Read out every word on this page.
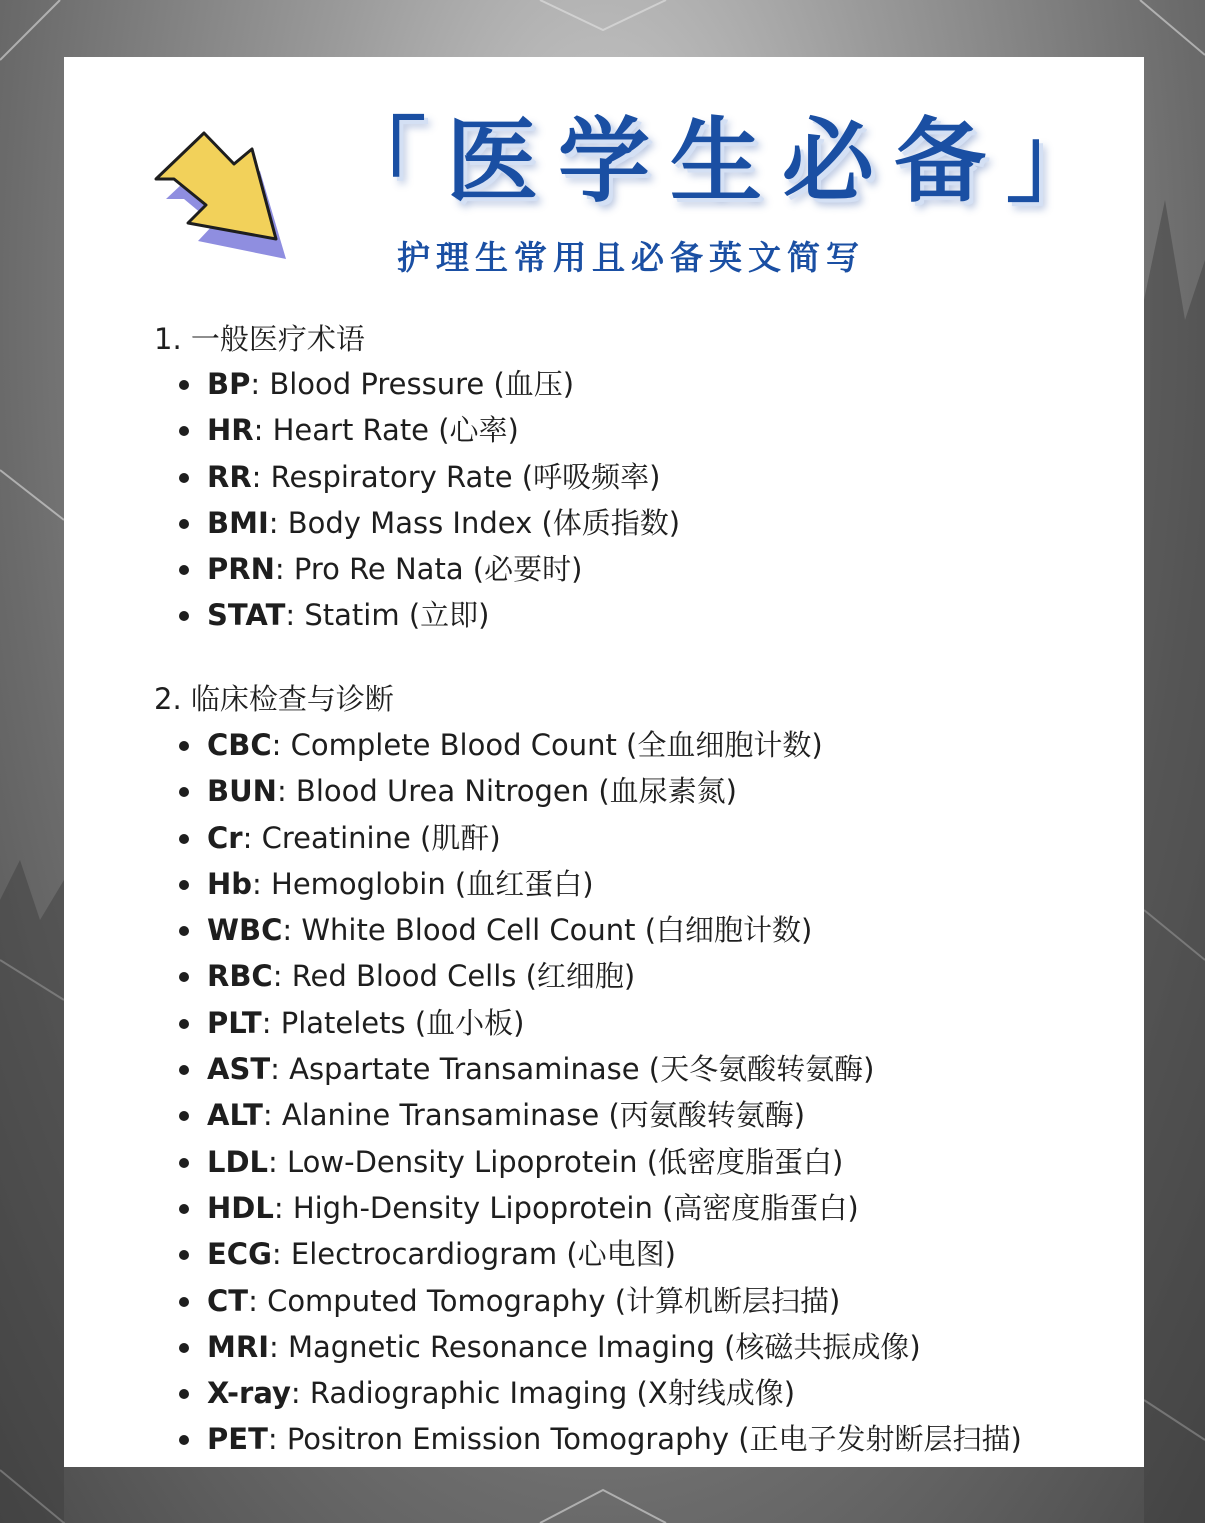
「医学生必备」
护理生常用且必备英文简写
1. 一般医疗术语
BP: Blood Pressure (血压)
HR: Heart Rate (心率)
RR: Respiratory Rate (呼吸频率)
BMI: Body Mass Index (体质指数)
PRN: Pro Re Nata (必要时)
STAT: Statim (立即)
2. 临床检查与诊断
CBC: Complete Blood Count (全血细胞计数)
BUN: Blood Urea Nitrogen (血尿素氮)
Cr: Creatinine (肌酐)
Hb: Hemoglobin (血红蛋白)
WBC: White Blood Cell Count (白细胞计数)
RBC: Red Blood Cells (红细胞)
PLT: Platelets (血小板)
AST: Aspartate Transaminase (天冬氨酸转氨酶)
ALT: Alanine Transaminase (丙氨酸转氨酶)
LDL: Low-Density Lipoprotein (低密度脂蛋白)
HDL: High-Density Lipoprotein (高密度脂蛋白)
ECG: Electrocardiogram (心电图)
CT: Computed Tomography (计算机断层扫描)
MRI: Magnetic Resonance Imaging (核磁共振成像)
X-ray: Radiographic Imaging (X射线成像)
PET: Positron Emission Tomography (正电子发射断层扫描)
